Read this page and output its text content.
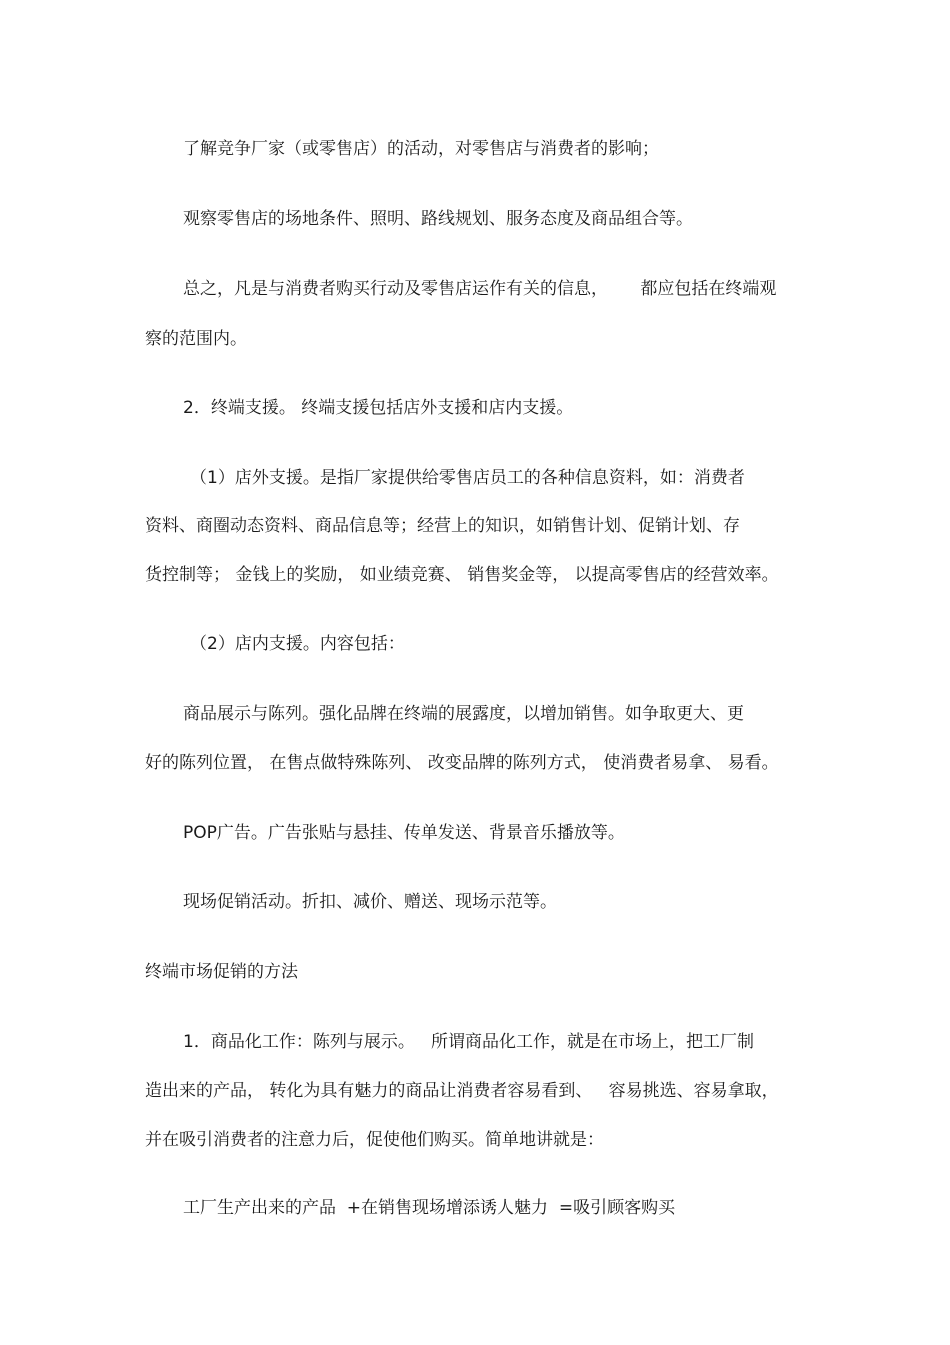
了解竞争厂家（或零售店）的活动，对零售店与消费者的影响；
观察零售店的场地条件、照明、路线规划、服务态度及商品组合等。
总之，凡是与消费者购买行动及零售店运作有关的信息，      都应包括在终端观
察的范围内。
2．终端支援。 终端支援包括店外支援和店内支援。
（1）店外支援。是指厂家提供给零售店员工的各种信息资料，如：消费者
资料、商圈动态资料、商品信息等；经营上的知识，如销售计划、促销计划、存
货控制等； 金钱上的奖励， 如业绩竞赛、 销售奖金等， 以提高零售店的经营效率。
（2）店内支援。内容包括：
商品展示与陈列。强化品牌在终端的展露度，以增加销售。如争取更大、更
好的陈列位置， 在售点做特殊陈列、 改变品牌的陈列方式， 使消费者易拿、 易看。
POP广告。广告张贴与悬挂、传单发送、背景音乐播放等。
现场促销活动。折扣、减价、赠送、现场示范等。
终端市场促销的方法
1．商品化工作：陈列与展示。   所谓商品化工作，就是在市场上，把工厂制
造出来的产品， 转化为具有魅力的商品让消费者容易看到、   容易挑选、容易拿取，
并在吸引消费者的注意力后，促使他们购买。简单地讲就是：
工厂生产出来的产品  +在销售现场增添诱人魅力  =吸引顾客购买
